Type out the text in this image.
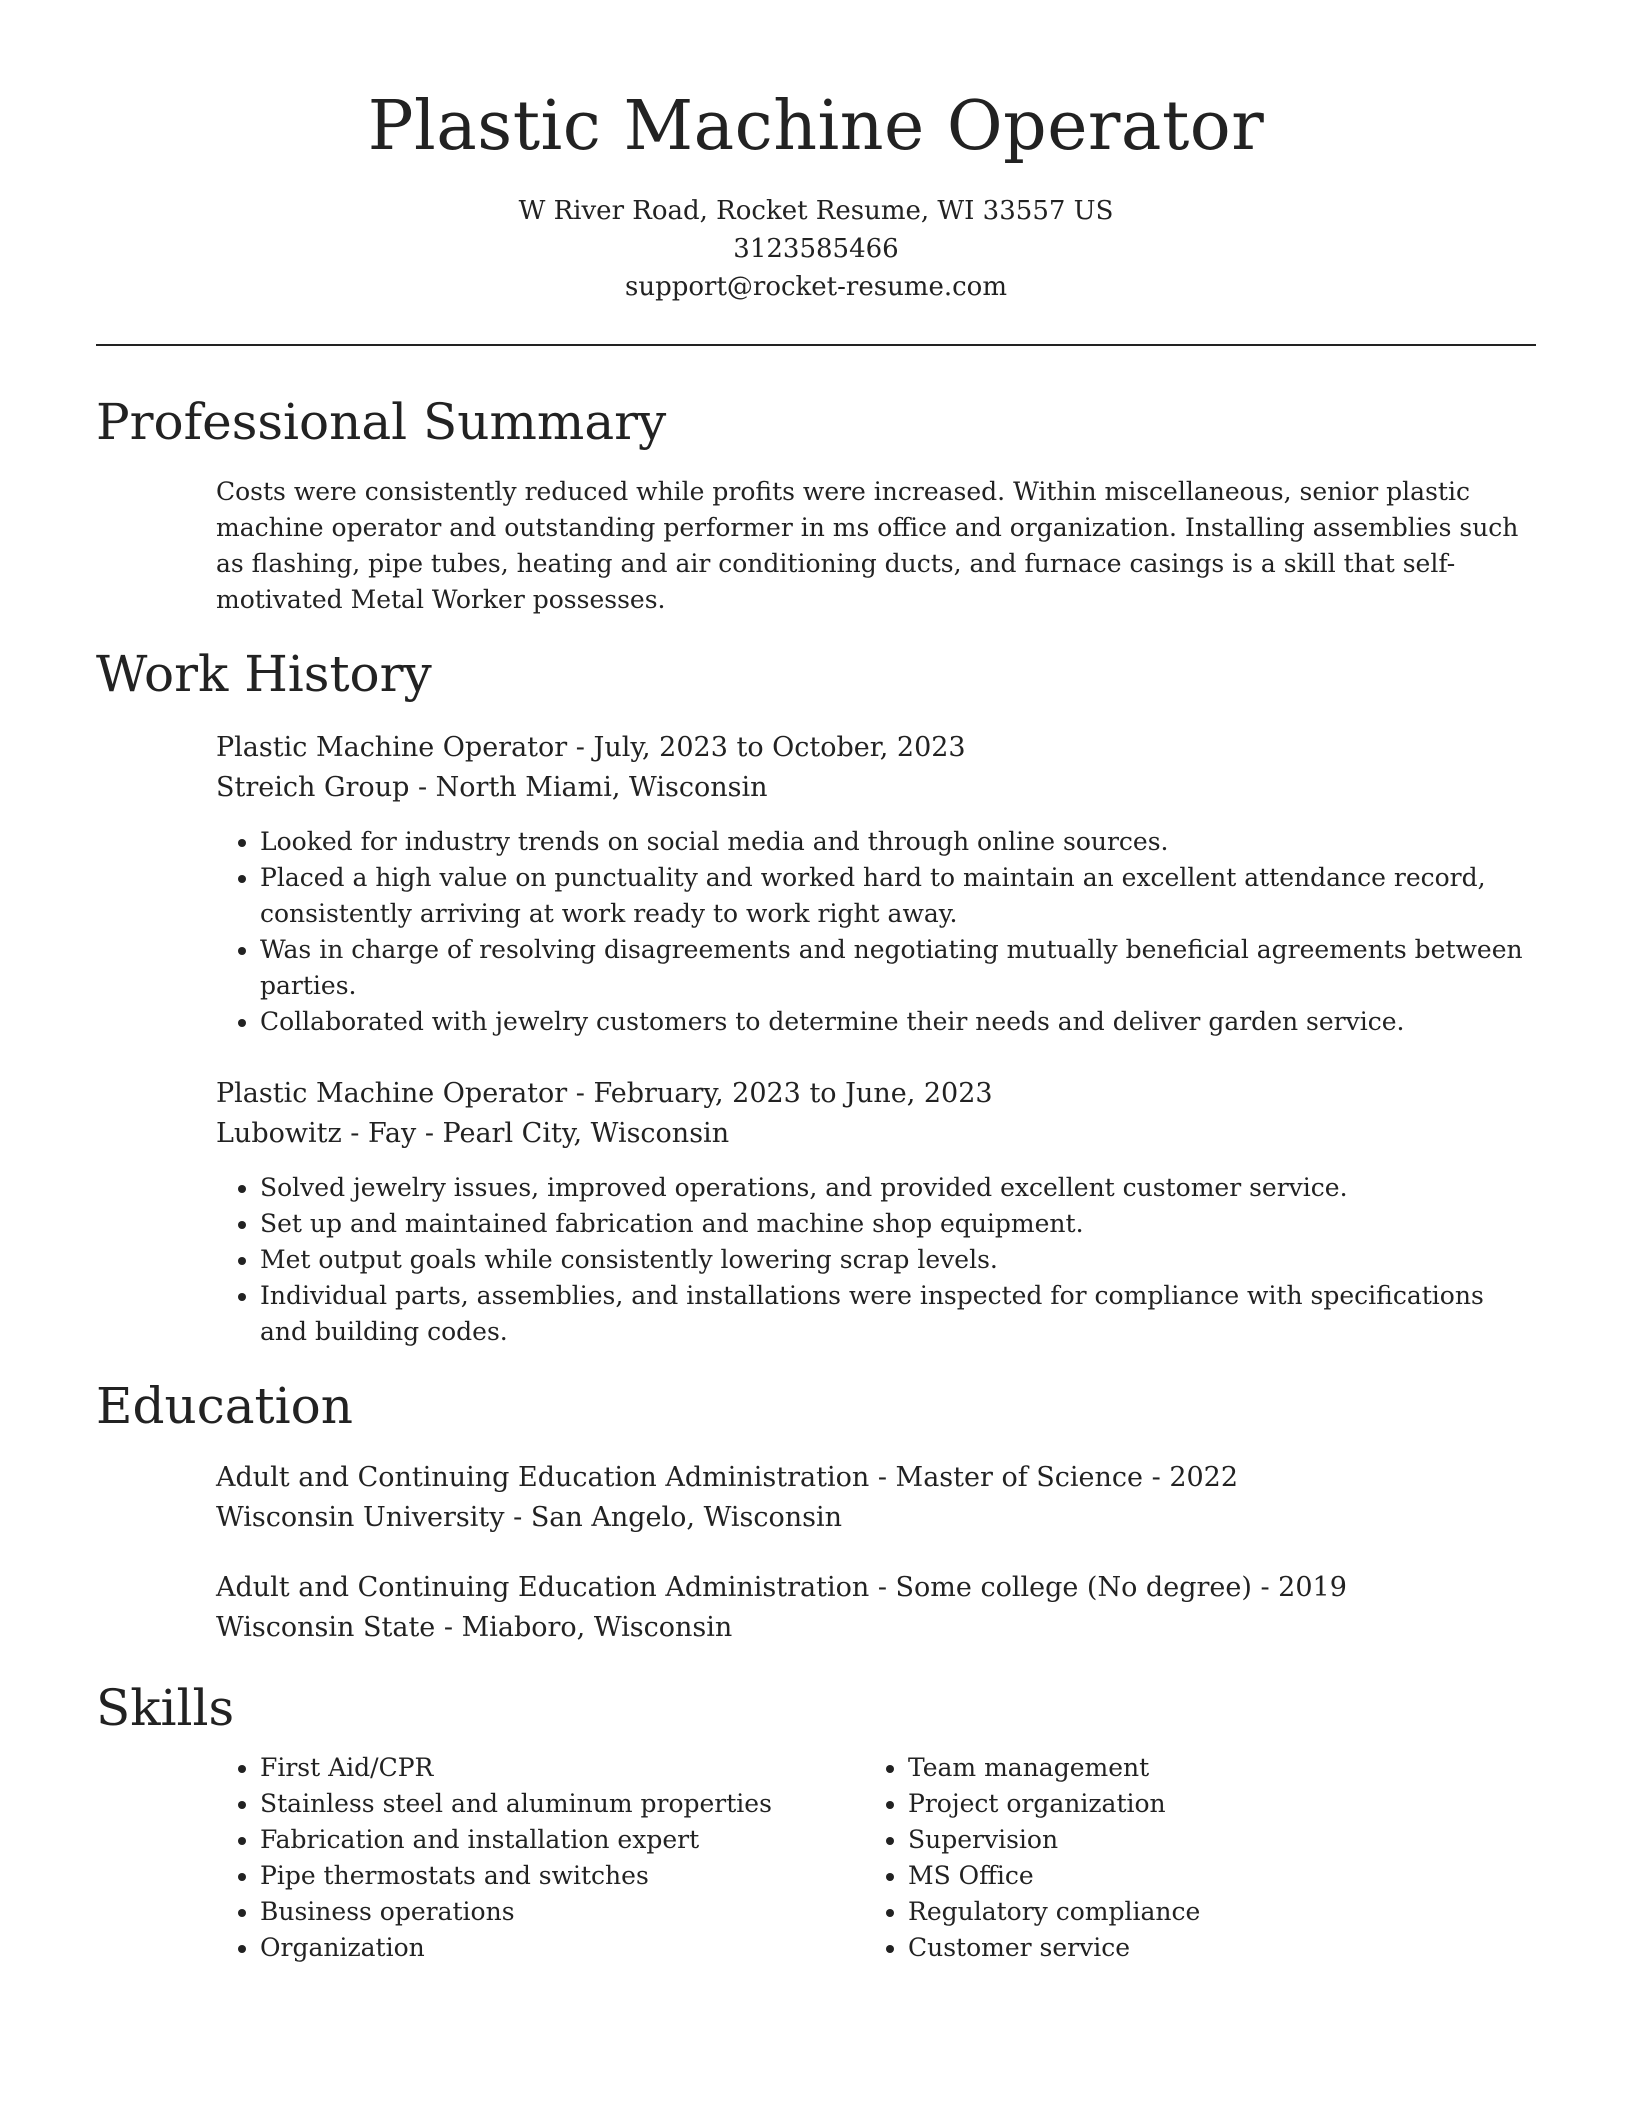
Plastic Machine Operator
W River Road, Rocket Resume, WI 33557 US
3123585466
support@rocket-resume.com
Professional Summary

Costs were consistently reduced while profits were increased. Within miscellaneous, senior plastic machine operator and outstanding performer in ms office and organization. Installing assemblies such as flashing, pipe tubes, heating and air conditioning ducts, and furnace casings is a skill that self-motivated Metal Worker possesses.

Work History
Plastic Machine Operator - July, 2023 to October, 2023
Streich Group - North Miami, Wisconsin
• Looked for industry trends on social media and through online sources.
• Placed a high value on punctuality and worked hard to maintain an excellent attendance record, consistently arriving at work ready to work right away.
• Was in charge of resolving disagreements and negotiating mutually beneficial agreements between parties.
• Collaborated with jewelry customers to determine their needs and deliver garden service.
Plastic Machine Operator - February, 2023 to June, 2023
Lubowitz - Fay - Pearl City, Wisconsin
• Solved jewelry issues, improved operations, and provided excellent customer service.
• Set up and maintained fabrication and machine shop equipment.
• Met output goals while consistently lowering scrap levels.
• Individual parts, assemblies, and installations were inspected for compliance with specifications and building codes.
Education
Adult and Continuing Education Administration - Master of Science - 2022
Wisconsin University - San Angelo, Wisconsin
Adult and Continuing Education Administration - Some college (No degree) - 2019
Wisconsin State - Miaboro, Wisconsin
Skills
• First Aid/CPR
• Stainless steel and aluminum properties
• Fabrication and installation expert
• Pipe thermostats and switches
• Business operations
• Organization
• Team management
• Project organization
• Supervision
• MS Office
• Regulatory compliance
• Customer service
